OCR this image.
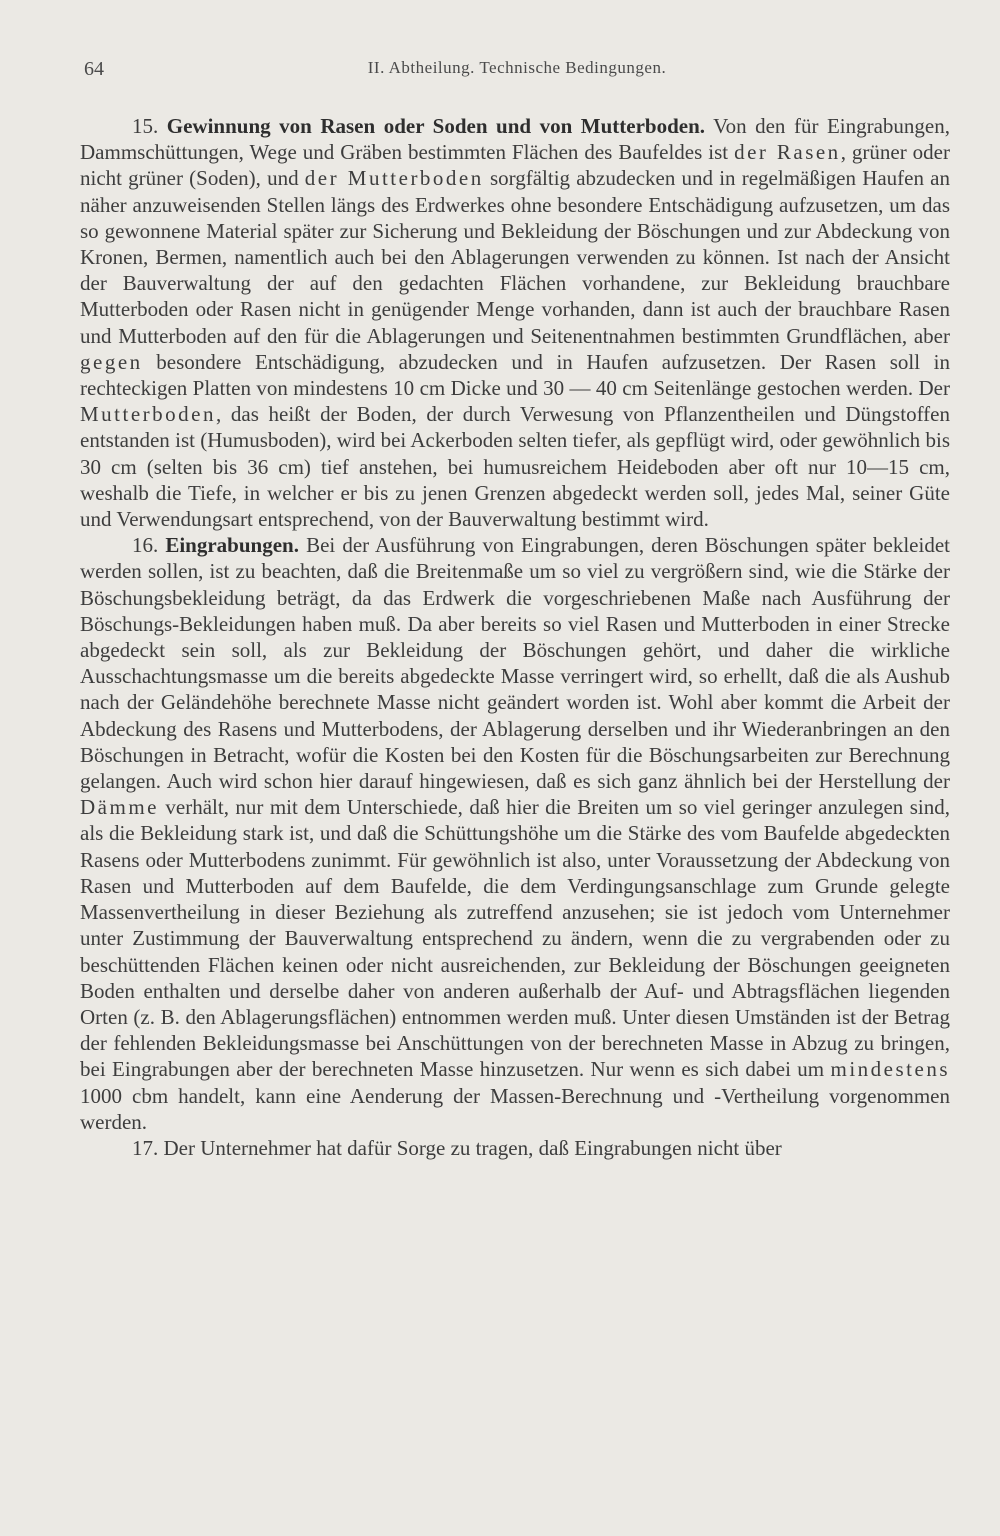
64	II. Abtheilung. Technische Bedingungen.

15. Gewinnung von Rasen oder Soden und von Mutterboden. Von den für Eingrabungen, Dammschüttungen, Wege und Gräben bestimmten Flächen des Baufeldes ist der Rasen, grüner oder nicht grüner (Soden), und der Mutterboden sorgfältig abzudecken und in regelmäßigen Haufen an näher anzuweisenden Stellen längs des Erdwerkes ohne besondere Entschädigung aufzusetzen, um das so gewonnene Material später zur Sicherung und Bekleidung der Böschungen und zur Abdeckung von Kronen, Bermen, namentlich auch bei den Ablagerungen verwenden zu können. Ist nach der Ansicht der Bauverwaltung der auf den gedachten Flächen vorhandene, zur Bekleidung brauchbare Mutterboden oder Rasen nicht in genügender Menge vorhanden, dann ist auch der brauchbare Rasen und Mutterboden auf den für die Ablagerungen und Seitenentnahmen bestimmten Grundflächen, aber gegen besondere Entschädigung, abzudecken und in Haufen aufzusetzen. Der Rasen soll in rechteckigen Platten von mindestens 10 cm Dicke und 30 — 40 cm Seitenlänge gestochen werden. Der Mutterboden, das heißt der Boden, der durch Verwesung von Pflanzentheilen und Düngstoffen entstanden ist (Humusboden), wird bei Ackerboden selten tiefer, als gepflügt wird, oder gewöhnlich bis 30 cm (selten bis 36 cm) tief anstehen, bei humusreichem Heideboden aber oft nur 10—15 cm, weshalb die Tiefe, in welcher er bis zu jenen Grenzen abgedeckt werden soll, jedes Mal, seiner Güte und Verwendungsart entsprechend, von der Bauverwaltung bestimmt wird.

16. Eingrabungen. Bei der Ausführung von Eingrabungen, deren Böschungen später bekleidet werden sollen, ist zu beachten, daß die Breitenmaße um so viel zu vergrößern sind, wie die Stärke der Böschungsbekleidung beträgt, da das Erdwerk die vorgeschriebenen Maße nach Ausführung der Böschungs-Bekleidungen haben muß. Da aber bereits so viel Rasen und Mutterboden in einer Strecke abgedeckt sein soll, als zur Bekleidung der Böschungen gehört, und daher die wirkliche Ausschachtungsmasse um die bereits abgedeckte Masse verringert wird, so erhellt, daß die als Aushub nach der Geländehöhe berechnete Masse nicht geändert worden ist. Wohl aber kommt die Arbeit der Abdeckung des Rasens und Mutterbodens, der Ablagerung derselben und ihr Wiederanbringen an den Böschungen in Betracht, wofür die Kosten bei den Kosten für die Böschungsarbeiten zur Berechnung gelangen. Auch wird schon hier darauf hingewiesen, daß es sich ganz ähnlich bei der Herstellung der Dämme verhält, nur mit dem Unterschiede, daß hier die Breiten um so viel geringer anzulegen sind, als die Bekleidung stark ist, und daß die Schüttungshöhe um die Stärke des vom Baufelde abgedeckten Rasens oder Mutterbodens zunimmt. Für gewöhnlich ist also, unter Voraussetzung der Abdeckung von Rasen und Mutterboden auf dem Baufelde, die dem Verdingungsanschlage zum Grunde gelegte Massenvertheilung in dieser Beziehung als zutreffend anzusehen; sie ist jedoch vom Unternehmer unter Zustimmung der Bauverwaltung entsprechend zu ändern, wenn die zu vergrabenden oder zu beschüttenden Flächen keinen oder nicht ausreichenden, zur Bekleidung der Böschungen geeigneten Boden enthalten und derselbe daher von anderen außerhalb der Auf- und Abtragsflächen liegenden Orten (z. B. den Ablagerungsflächen) entnommen werden muß. Unter diesen Umständen ist der Betrag der fehlenden Bekleidungsmasse bei Anschüttungen von der berechneten Masse in Abzug zu bringen, bei Eingrabungen aber der berechneten Masse hinzusetzen. Nur wenn es sich dabei um mindestens 1000 cbm handelt, kann eine Aenderung der Massen-Berechnung und -Vertheilung vorgenommen werden.

17. Der Unternehmer hat dafür Sorge zu tragen, daß Eingrabungen nicht über
